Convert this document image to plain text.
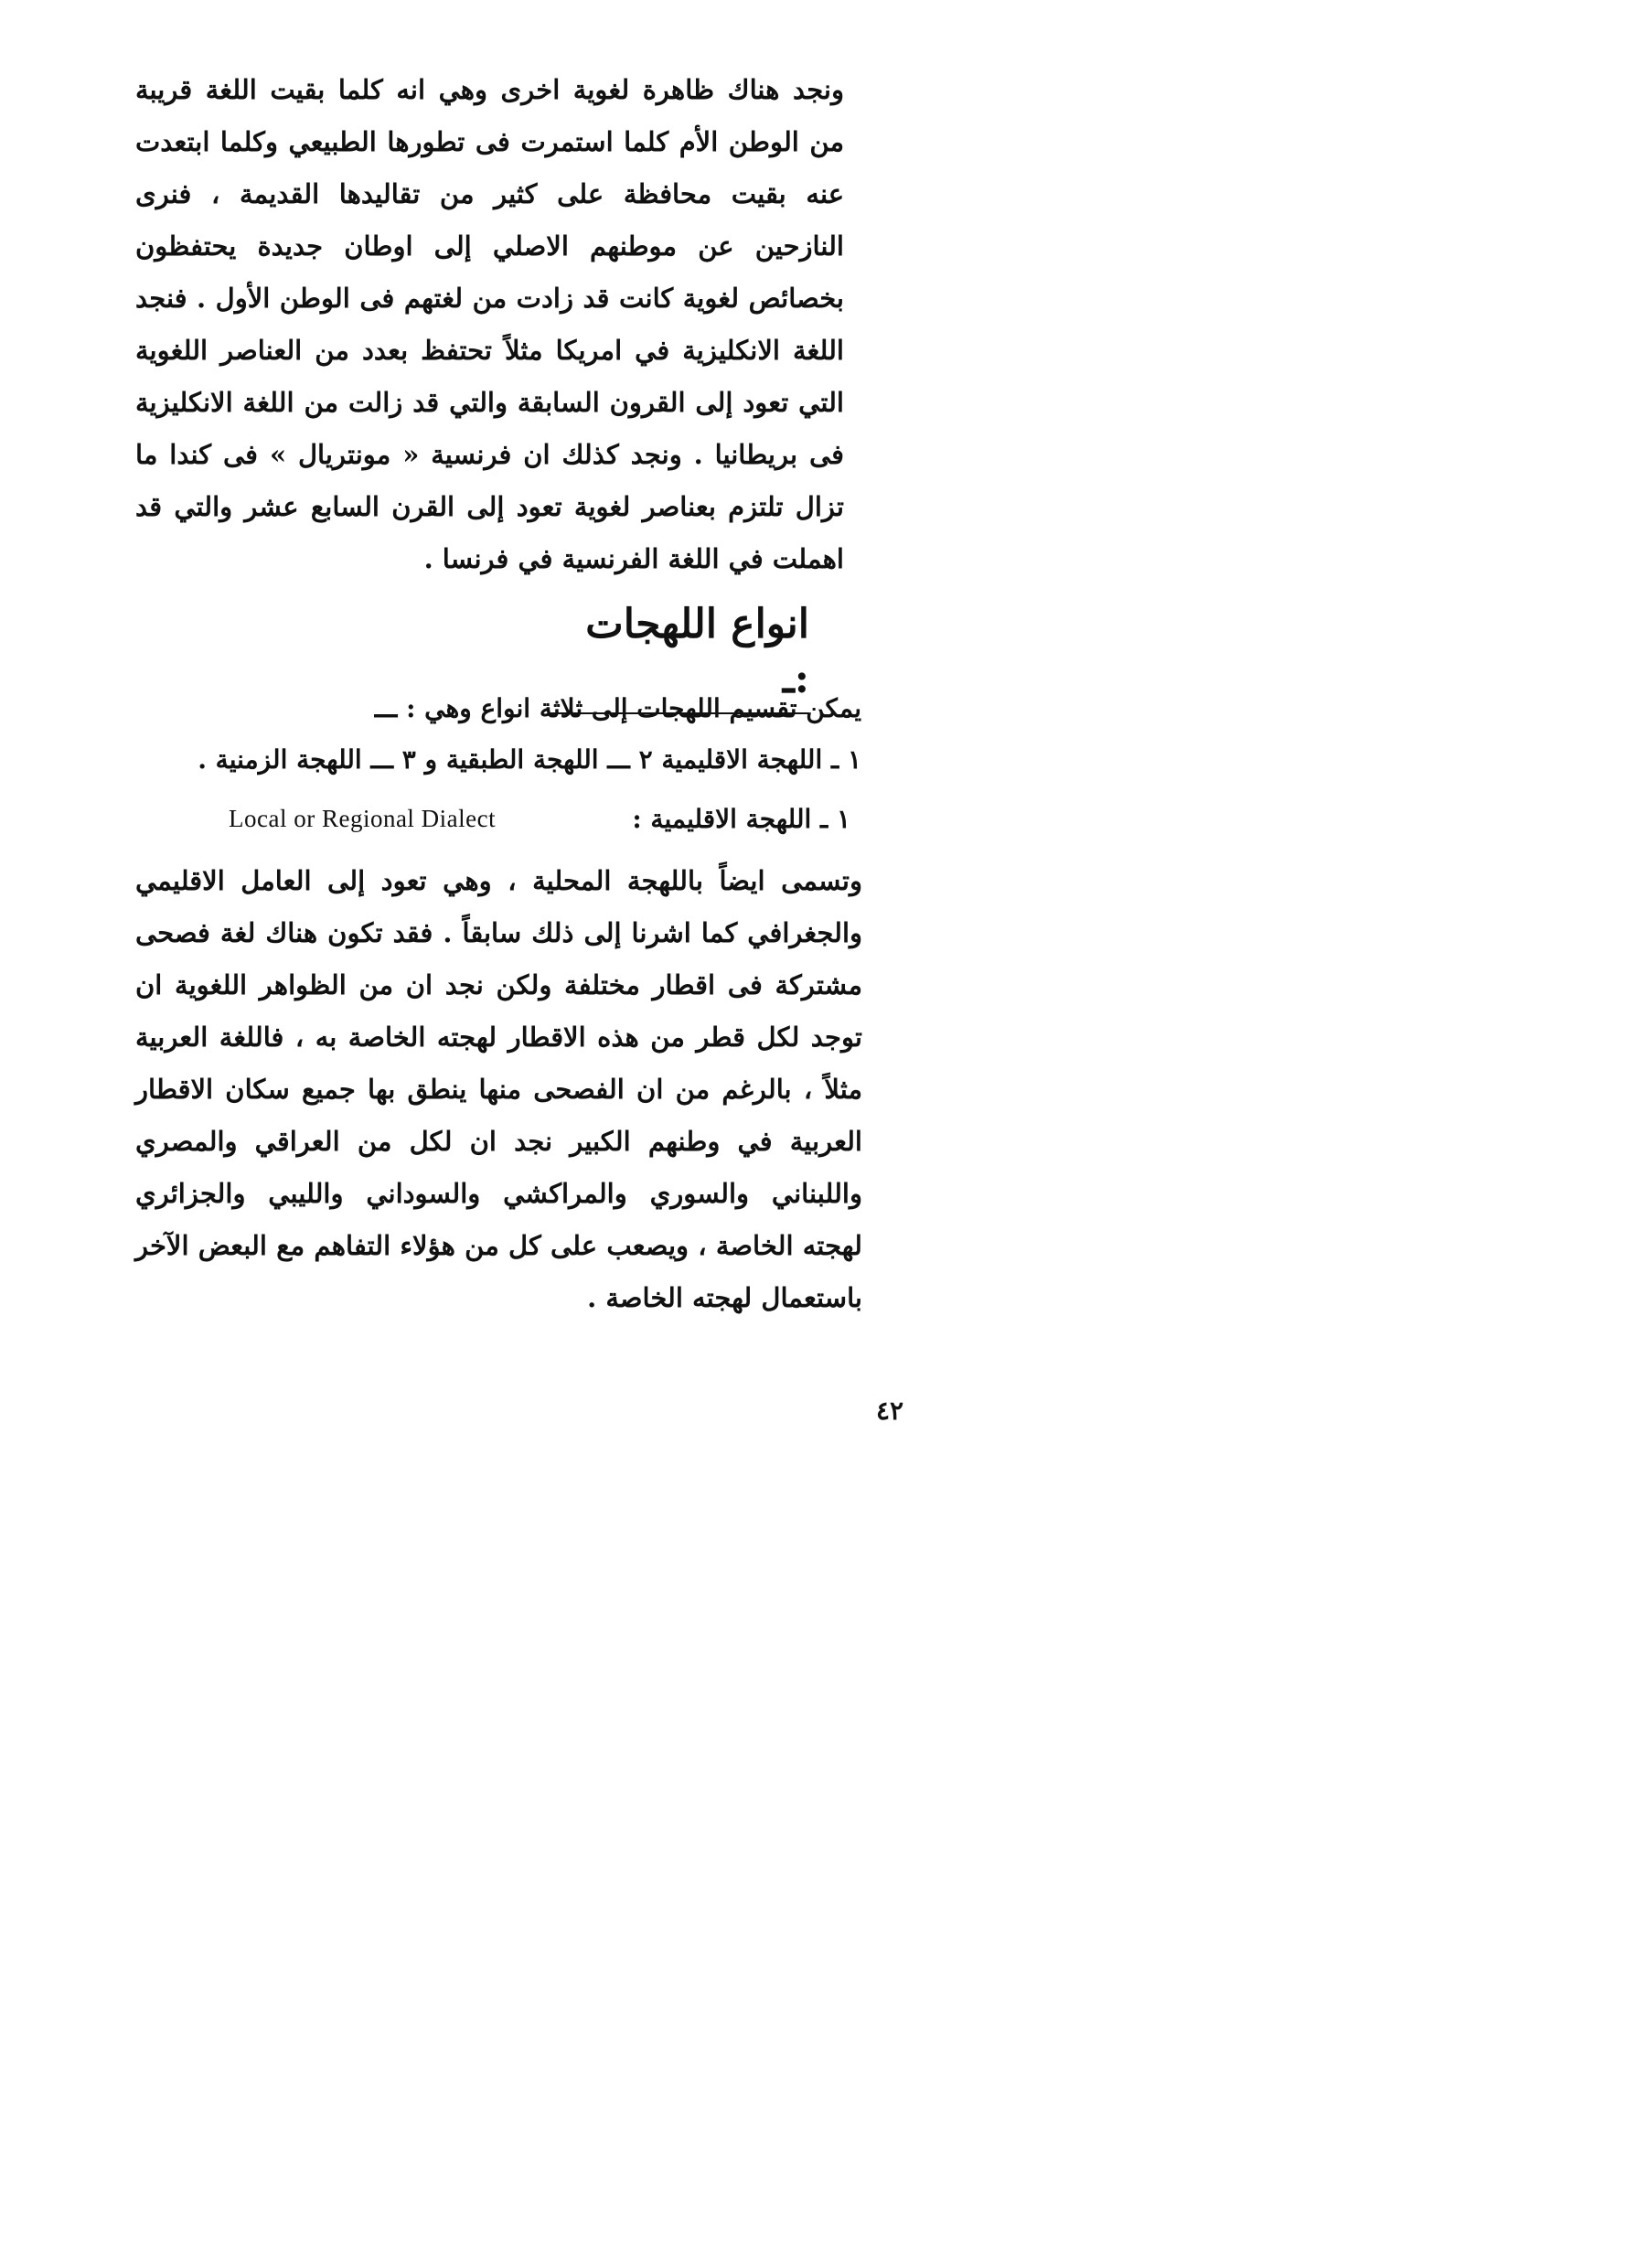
ونجد هناك ظاهرة لغوية اخرى وهي انه كلما بقيت اللغة قريبة من الوطن الأم كلما استمرت فى تطورها الطبيعي وكلما ابتعدت عنه بقيت محافظة على كثير من تقاليدها القديمة ، فنرى النازحين عن موطنهم الاصلي إلى اوطان جديدة يحتفظون بخصائص لغوية كانت قد زادت من لغتهم فى الوطن الأول . فنجد اللغة الانكليزية في امريكا مثلاً تحتفظ بعدد من العناصر اللغوية التي تعود إلى القرون السابقة والتي قد زالت من اللغة الانكليزية فى بريطانيا . ونجد كذلك ان فرنسية « مونتريال » فى كندا ما تزال تلتزم بعناصر لغوية تعود إلى القرن السابع عشر والتي قد اهملت في اللغة الفرنسية في فرنسا .
انواع اللهجات :ـ
يمكن تقسيم اللهجات إلى ثلاثة انواع وهي : ـــ
١ ـ اللهجة الاقليمية ٢ ـــ اللهجة الطبقية و ٣ ـــ اللهجة الزمنية .
١ ـ اللهجة الاقليمية :
Local or Regional Dialect
وتسمى ايضاً باللهجة المحلية ، وهي تعود إلى العامل الاقليمي والجغرافي كما اشرنا إلى ذلك سابقاً . فقد تكون هناك لغة فصحى مشتركة فى اقطار مختلفة ولكن نجد ان من الظواهر اللغوية ان توجد لكل قطر من هذه الاقطار لهجته الخاصة به ، فاللغة العربية مثلاً ، بالرغم من ان الفصحى منها ينطق بها جميع سكان الاقطار العربية في وطنهم الكبير نجد ان لكل من العراقي والمصري واللبناني والسوري والمراكشي والسوداني والليبي والجزائري لهجته الخاصة ، ويصعب على كل من هؤلاء التفاهم مع البعض الآخر باستعمال لهجته الخاصة .
٤٢
